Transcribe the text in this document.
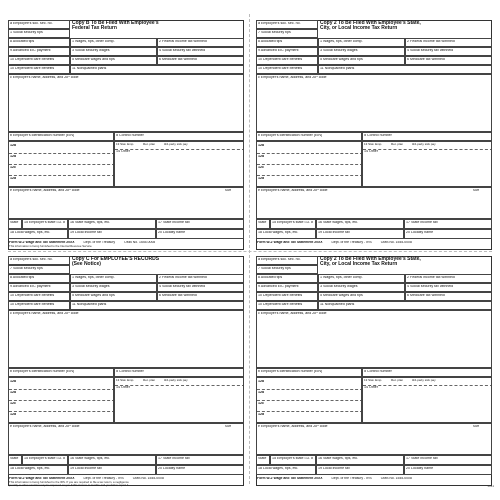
a Employee's soc. sec. no.	Copy B To Be Filed With Employee's
Federal Tax Return
1 Social security tips
8 Allocated tips
9 Advanced EIC payment
10 Dependent care benefits
1 Wages, tips, other comp.	2 Federal income tax withheld
3 Social security wages	4 Social security tax withheld
5 Medicare wages and tips	6 Medicare tax withheld
11 Nonqualified plans
10 Dependent care benefits
c Employer's name, address, and ZIP code
b Employer's identification number (EIN)	d Control number
12a
12b
12c
12d
13 Stat. Emp.	Ret. plan	3rd-party sick pay
14 Other
e Employee's name, address, and ZIP code	Suff
State	15 Employer's state I.D. # 16 State wages, tips, etc.	17 State income tax
18 Local wages, tips, etc.	19 Local income tax	20 Locality name
Form W-2 Wage and Tax Statement 20XX	Dept. of the Treasury	OMB No. 1545-0008
This information is being furnished to the Internal Revenue Service.
a Employee's soc. sec. no.	Copy 2 To Be Filed With Employee's State,
City, or Local Income Tax Return
7 Social security tips
8 Allocated tips
9 Advanced EIC payment
10 Dependent care benefits
1 Wages, tips, other comp.	2 Federal income tax withheld
3 Social security wages	4 Social security tax withheld
5 Medicare wages and tips	6 Medicare tax withheld
11 Nonqualified plans
10 Dependent care benefits
c Employer's name, address, and ZIP code
b Employer's identification number (EIN)	d Control number
12a
12b
12c
12d
13 Stat. Emp.	Ret. plan	3rd-party sick pay
14 Other
e Employee's name, address, and ZIP code	Suff
State	15 Employer's state I.D. # 16 State wages, tips, etc.	17 State income tax
18 Local wages, tips, etc.	19 Local income tax	20 Locality name
Form W-2 Wage and Tax Statement 20XX	Dept. of the Treasury - IRS	OMB No. 1545-0008
a Employee's soc. sec. no.	Copy C For EMPLOYEE'S RECORDS
(See Notice)
7 Social security tips
8 Allocated tips
9 Advanced EIC payment
10 Dependent care benefits
1 Wages, tips, other comp.	2 Federal income tax withheld
3 Social security wages	4 Social security tax withheld
5 Medicare wages and tips	6 Medicare tax withheld
11 Nonqualified plans
10 Dependent care benefits
c Employer's name, address, and ZIP code
b Employer's identification number (EIN)	d Control number
12a
12b
12c
12d
13 Stat. Emp.	Ret. plan	3rd-party sick pay
14 Other
e Employee's name, address, and ZIP code	Suff
State	15 Employer's state I.D. # 16 State wages, tips, etc.	17 State income tax
18 Local wages, tips, etc.	19 Local income tax	20 Locality name
Form W-2 Wage and Tax Statement 20XX	Dept. of the Treasury - IRS	OMB No. 1545-0008
This information is being furnished to the IRS. If you are required to file a tax return, a negligence
penalty or other sanction may be imposed on you if this income is taxable and you fail to report it.
a Employee's soc. sec. no.	Copy 2 To Be Filed With Employee's State,
City, or Local Income Tax Return
7 Social security tips
8 Allocated tips
9 Advanced EIC payment
10 Dependent care benefits
1 Wages, tips, other comp.	2 Federal income tax withheld
3 Social security wages	4 Social security tax withheld
5 Medicare wages and tips	6 Medicare tax withheld
11 Nonqualified plans
10 Dependent care benefits
c Employer's name, address, and ZIP code
b Employer's identification number (EIN)	d Control number
12a
12b
12c
12d
13 Stat. Emp.	Ret. plan	3rd-party sick pay
14 Other
e Employee's name, address, and ZIP code	Suff
State	15 Employer's state I.D. # 16 State wages, tips, etc.	17 State income tax
18 Local wages, tips, etc.	19 Local income tax	20 Locality name
Form W-2 Wage and Tax Statement 20XX	Dept. of the Treasury - IRS	OMB No. 1545-0008
5211
